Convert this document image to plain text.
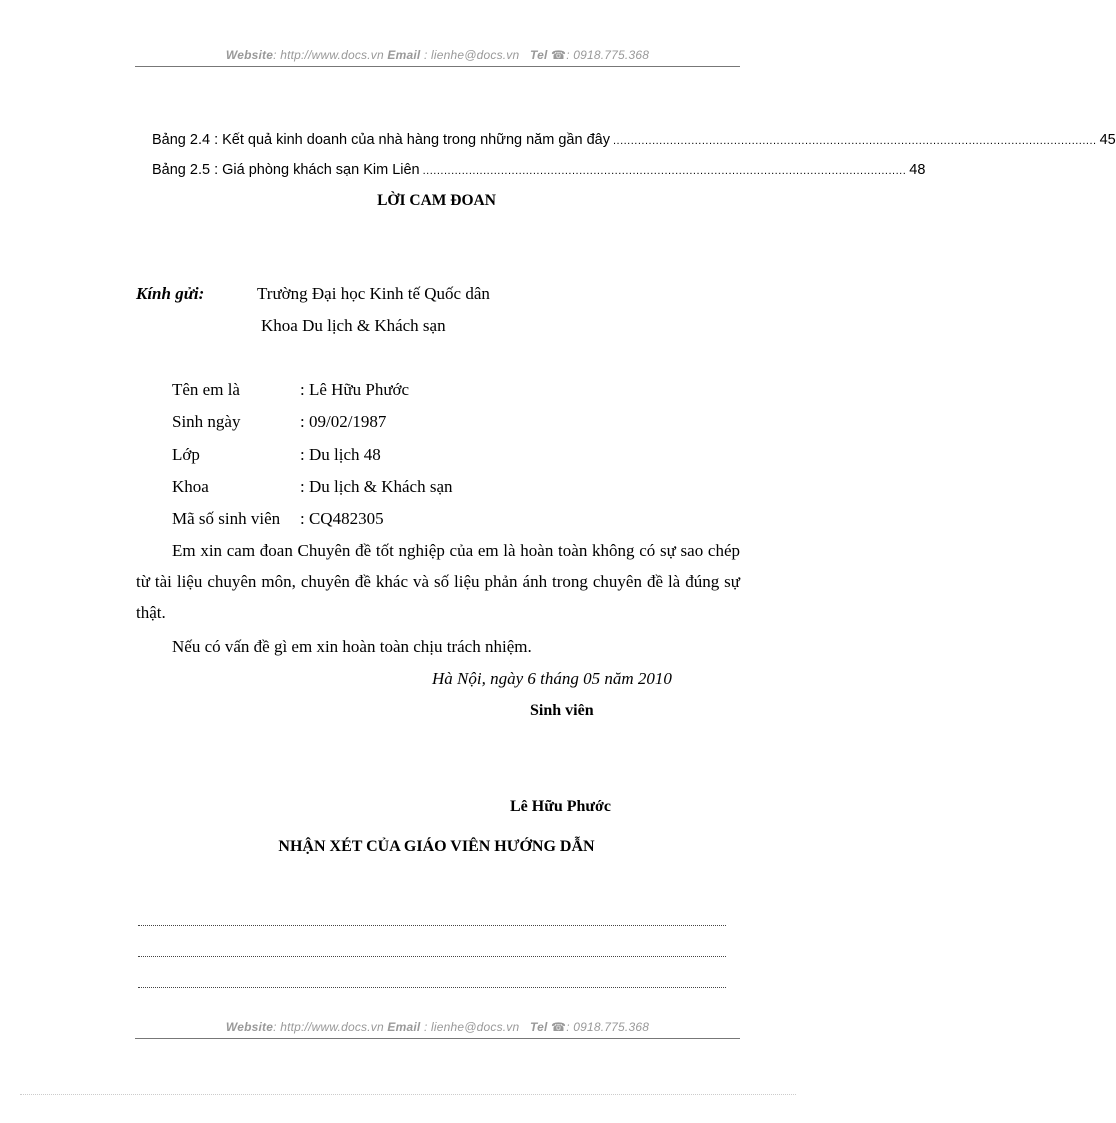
Website: http://www.docs.vn Email : lienhe@docs.vn Tel ☎: 0918.775.368
Bảng 2.4 : Kết quả kinh doanh của nhà hàng trong những năm gần đây ........................................................................................................................................ 45
Bảng 2.5 : Giá phòng khách sạn Kim Liên ........................................................................................................................................ 48
LỜI CAM ĐOAN
Kính gửi:	Trường Đại học Kinh tế Quốc dân
Khoa Du lịch & Khách sạn
Tên em là	: Lê Hữu Phước
Sinh ngày	: 09/02/1987
Lớp	: Du lịch 48
Khoa	: Du lịch & Khách sạn
Mã số sinh viên : CQ482305
Em xin cam đoan Chuyên đề tốt nghiệp của em là hoàn toàn không có sự sao chép từ tài liệu chuyên môn, chuyên đề khác và số liệu phản ánh trong chuyên đề là đúng sự thật.
Nếu có vấn đề gì em xin hoàn toàn chịu trách nhiệm.
Hà Nội, ngày 6 tháng 05 năm 2010
Sinh viên
Lê Hữu Phước
NHẬN XÉT CỦA GIÁO VIÊN HƯỚNG DẪN
Website: http://www.docs.vn Email : lienhe@docs.vn Tel ☎: 0918.775.368
